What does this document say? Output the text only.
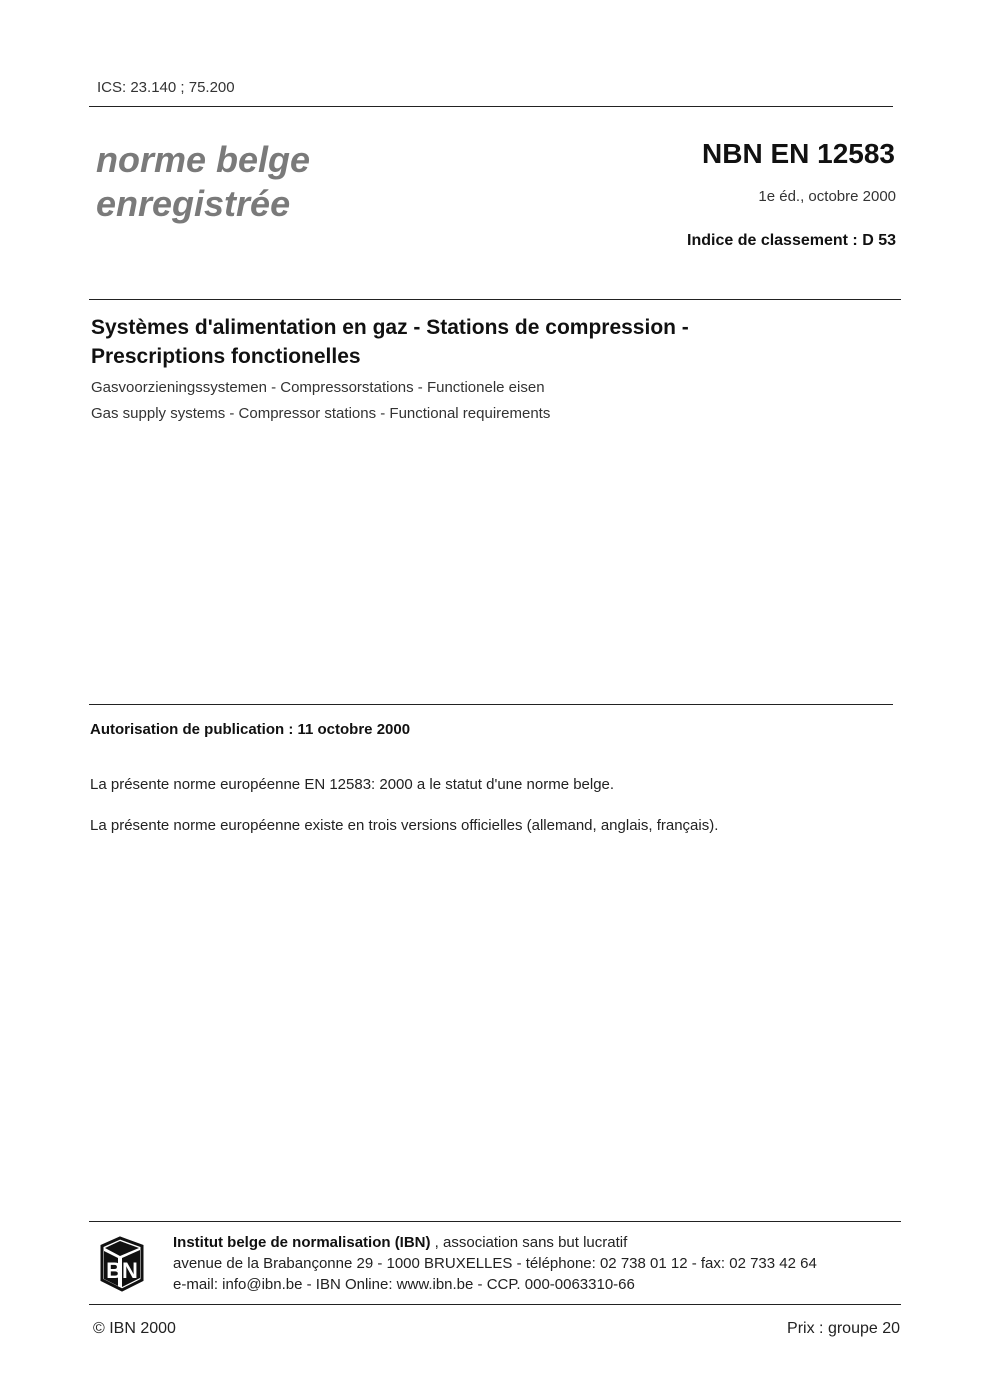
ICS: 23.140 ; 75.200
norme belge
enregistrée
NBN EN 12583
1e éd., octobre 2000
Indice de classement : D 53
Systèmes d'alimentation en gaz - Stations de compression -
Prescriptions fonctionelles
Gasvoorzieningssystemen - Compressorstations - Functionele eisen
Gas supply systems - Compressor stations - Functional requirements
Autorisation de publication : 11 octobre 2000
La présente norme européenne EN 12583: 2000 a le statut d'une norme belge.
La présente norme européenne existe en trois versions officielles (allemand, anglais, français).
BN
Institut belge de normalisation (IBN) , association sans but lucratif
avenue de la Brabançonne 29 - 1000 BRUXELLES - téléphone: 02 738 01 12 - fax: 02 733 42 64
e-mail: info@ibn.be - IBN Online: www.ibn.be - CCP. 000-0063310-66
© IBN 2000	Prix : groupe 20
